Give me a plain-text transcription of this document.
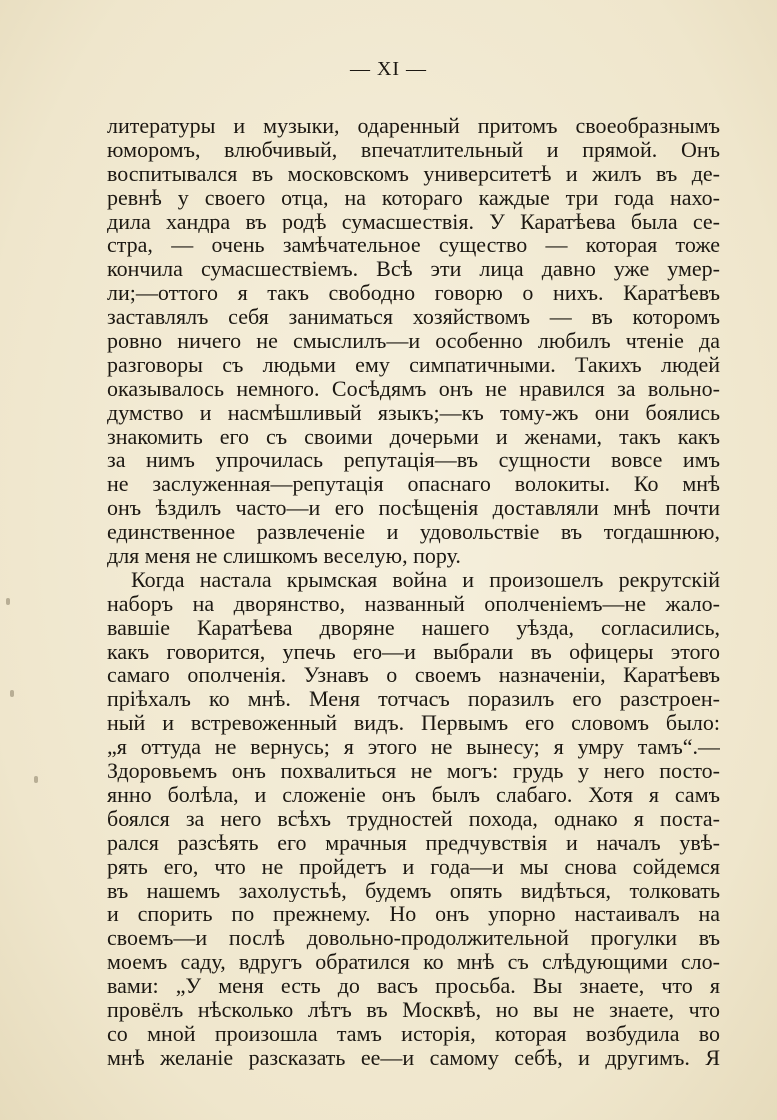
— XI —
литературы и музыки, одаренный притомъ своеобразнымъ
юморомъ, влюбчивый, впечатлительный и прямой. Онъ
воспитывался въ московскомъ университетѣ и жилъ въ де-
ревнѣ у своего отца, на котораго каждые три года нахо-
дила хандра въ родѣ сумасшествія. У Каратѣева была се-
стра, — очень замѣчательное существо — которая тоже
кончила сумасшествіемъ. Всѣ эти лица давно уже умер-
ли;—оттого я такъ свободно говорю о нихъ. Каратѣевъ
заставлялъ себя заниматься хозяйствомъ — въ которомъ
ровно ничего не смыслилъ—и особенно любилъ чтеніе да
разговоры съ людьми ему симпатичными. Такихъ людей
оказывалось немного. Сосѣдямъ онъ не нравился за вольно-
думство и насмѣшливый языкъ;—къ тому-жъ они боялись
знакомить его съ своими дочерьми и женами, такъ какъ
за нимъ упрочилась репутація—въ сущности вовсе имъ
не заслуженная—репутація опаснаго волокиты. Ко мнѣ
онъ ѣздилъ часто—и его посѣщенія доставляли мнѣ почти
единственное развлеченіе и удовольствіе въ тогдашнюю,
для меня не слишкомъ веселую, пору.
Когда настала крымская война и произошелъ рекрутскій
наборъ на дворянство, названный ополченіемъ—не жало-
вавшіе Каратѣева дворяне нашего уѣзда, согласились,
какъ говорится, упечь его—и выбрали въ офицеры этого
самаго ополченія. Узнавъ о своемъ назначеніи, Каратѣевъ
пріѣхалъ ко мнѣ. Меня тотчасъ поразилъ его разстроен-
ный и встревоженный видъ. Первымъ его словомъ было:
„я оттуда не вернусь; я этого не вынесу; я умру тамъ“.—
Здоровьемъ онъ похвалиться не могъ: грудь у него посто-
янно болѣла, и сложеніе онъ былъ слабаго. Хотя я самъ
боялся за него всѣхъ трудностей похода, однако я поста-
рался разсѣять его мрачныя предчувствія и началъ увѣ-
рять его, что не пройдетъ и года—и мы снова сойдемся
въ нашемъ захолустьѣ, будемъ опять видѣться, толковать
и спорить по прежнему. Но онъ упорно настаивалъ на
своемъ—и послѣ довольно-продолжительной прогулки въ
моемъ саду, вдругъ обратился ко мнѣ съ слѣдующими сло-
вами: „У меня есть до васъ просьба. Вы знаете, что я
провёлъ нѣсколько лѣтъ въ Москвѣ, но вы не знаете, что
со мной произошла тамъ исторія, которая возбудила во
мнѣ желаніе разсказать ее—и самому себѣ, и другимъ. Я
